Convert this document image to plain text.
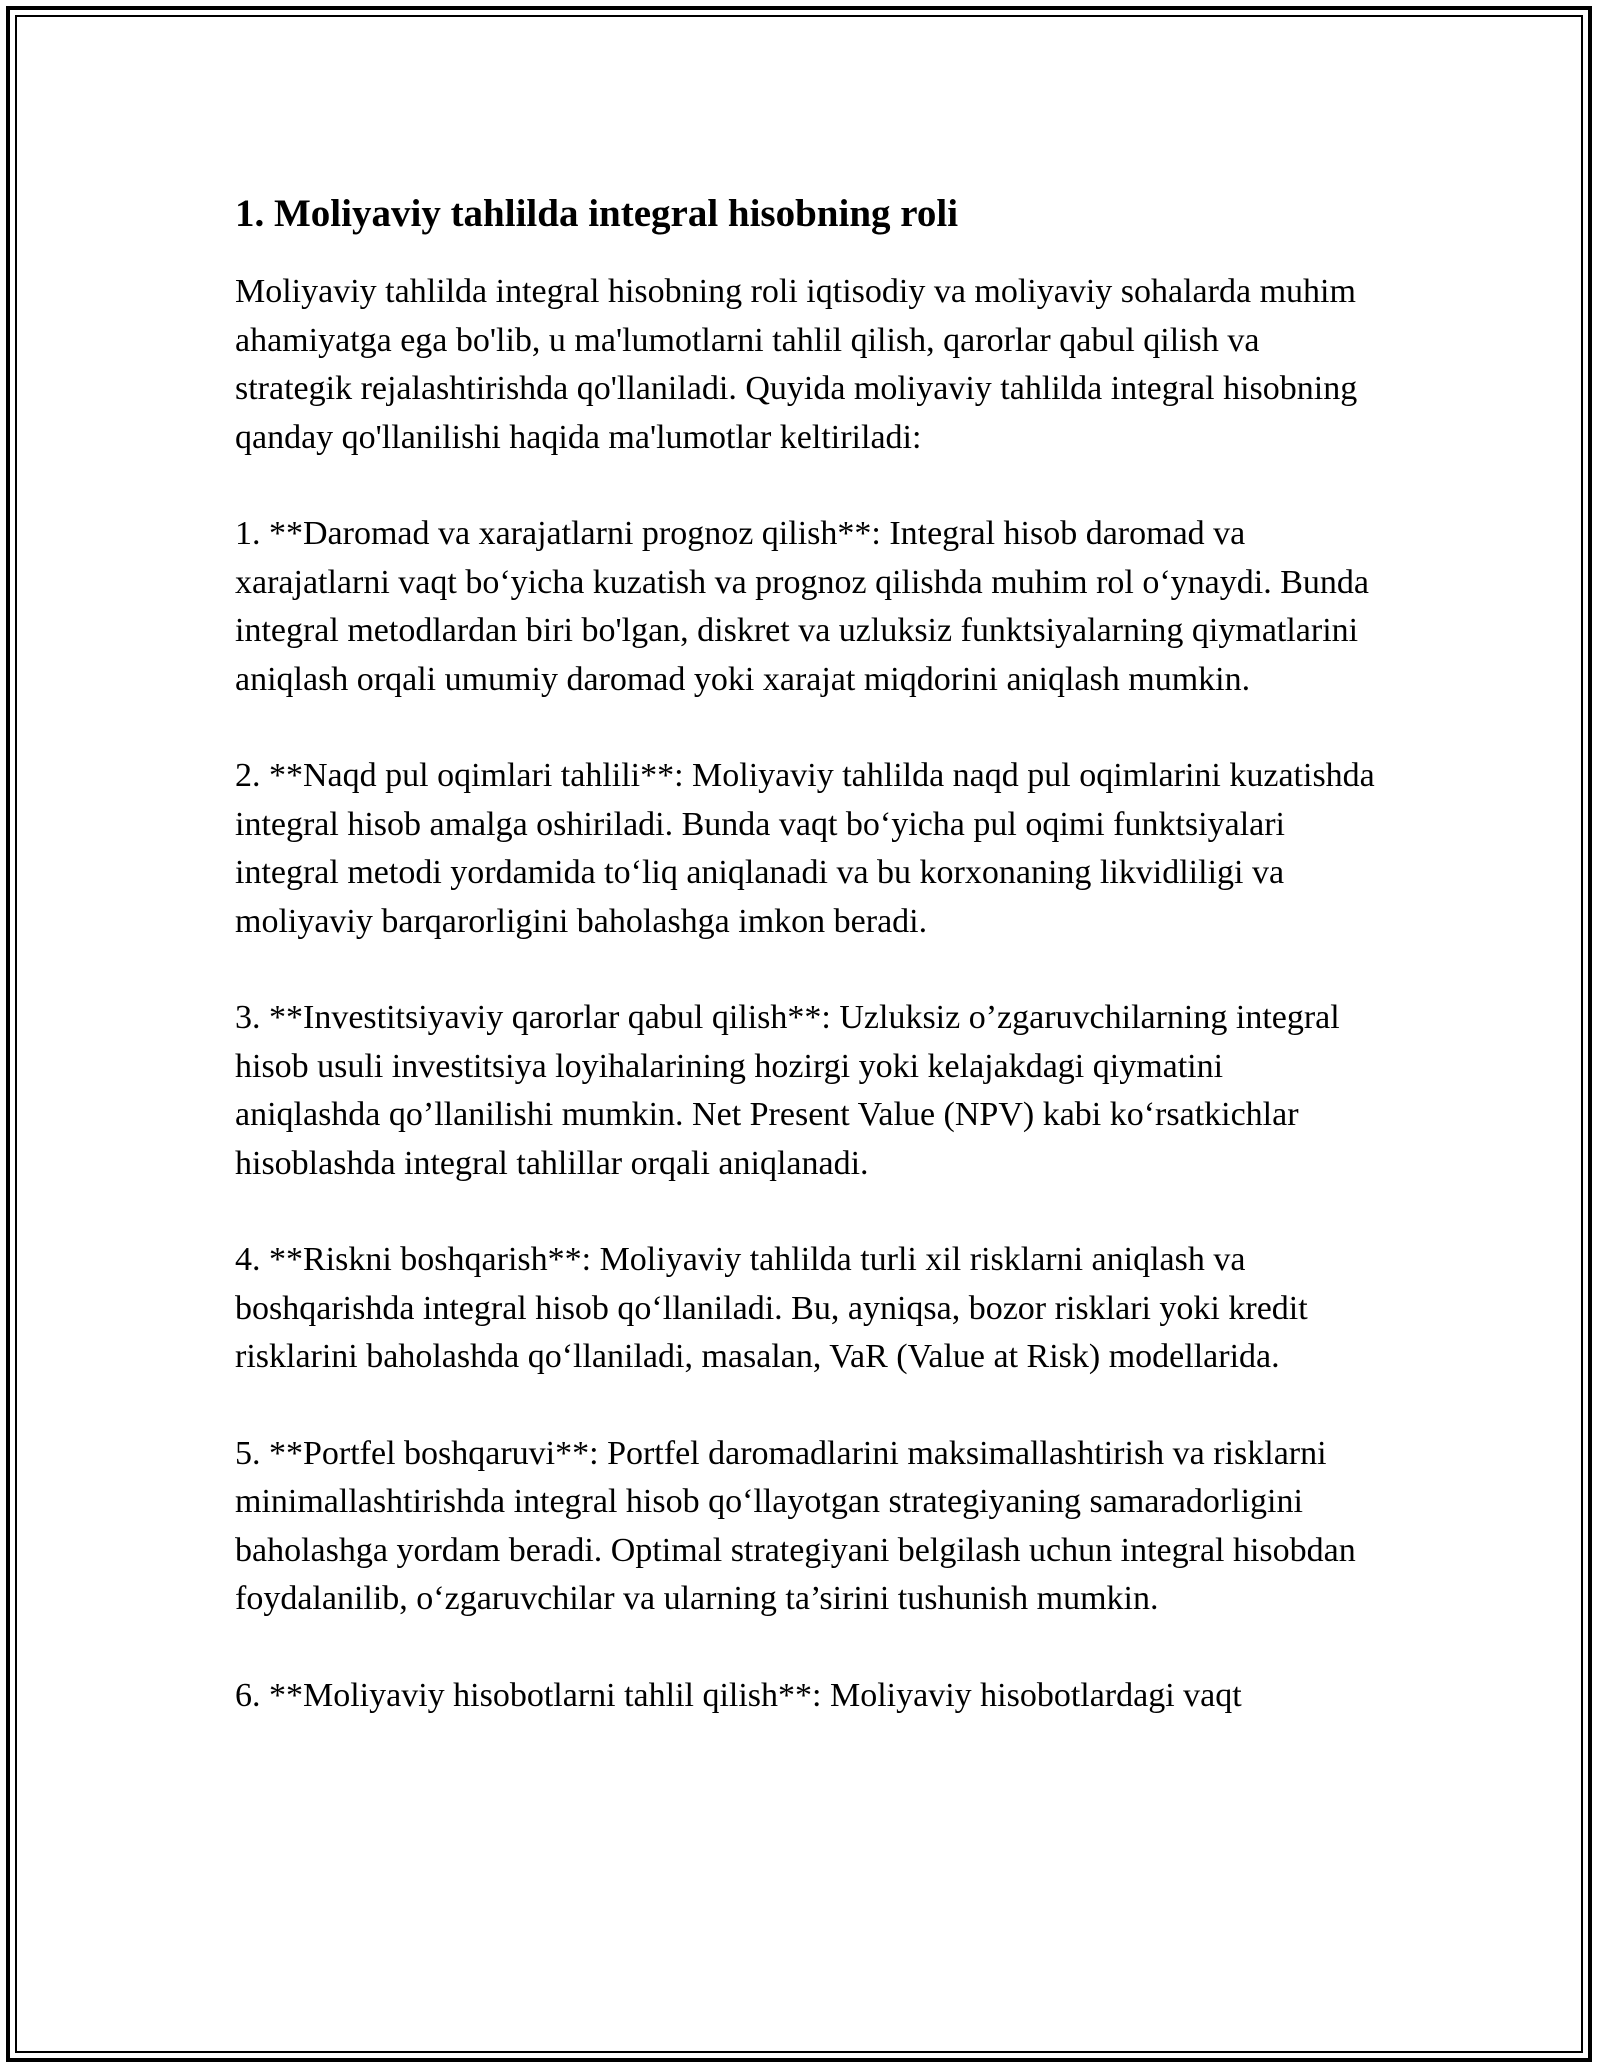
1. Moliyaviy tahlilda integral hisobning roli

Moliyaviy tahlilda integral hisobning roli iqtisodiy va moliyaviy sohalarda muhim ahamiyatga ega bo'lib, u ma'lumotlarni tahlil qilish, qarorlar qabul qilish va strategik rejalashtirishda qo'llaniladi. Quyida moliyaviy tahlilda integral hisobning qanday qo'llanilishi haqida ma'lumotlar keltiriladi:

1. **Daromad va xarajatlarni prognoz qilish**: Integral hisob daromad va xarajatlarni vaqt bo‘yicha kuzatish va prognoz qilishda muhim rol o‘ynaydi. Bunda integral metodlardan biri bo'lgan, diskret va uzluksiz funktsiyalarning qiymatlarini aniqlash orqali umumiy daromad yoki xarajat miqdorini aniqlash mumkin.

2. **Naqd pul oqimlari tahlili**: Moliyaviy tahlilda naqd pul oqimlarini kuzatishda integral hisob amalga oshiriladi. Bunda vaqt bo‘yicha pul oqimi funktsiyalari integral metodi yordamida to‘liq aniqlanadi va bu korxonaning likvidliligi va moliyaviy barqarorligini baholashga imkon beradi.

3. **Investitsiyaviy qarorlar qabul qilish**: Uzluksiz o’zgaruvchilarning integral hisob usuli investitsiya loyihalarining hozirgi yoki kelajakdagi qiymatini aniqlashda qo’llanilishi mumkin. Net Present Value (NPV) kabi ko‘rsatkichlar hisoblashda integral tahlillar orqali aniqlanadi.

4. **Riskni boshqarish**: Moliyaviy tahlilda turli xil risklarni aniqlash va boshqarishda integral hisob qo‘llaniladi. Bu, ayniqsa, bozor risklari yoki kredit risklarini baholashda qo‘llaniladi, masalan, VaR (Value at Risk) modellarida.

5. **Portfel boshqaruvi**: Portfel daromadlarini maksimallashtirish va risklarni minimallashtirishda integral hisob qo‘llayotgan strategiyaning samaradorligini baholashga yordam beradi. Optimal strategiyani belgilash uchun integral hisobdan foydalanilib, o‘zgaruvchilar va ularning ta’sirini tushunish mumkin.

6. **Moliyaviy hisobotlarni tahlil qilish**: Moliyaviy hisobotlardagi vaqt
